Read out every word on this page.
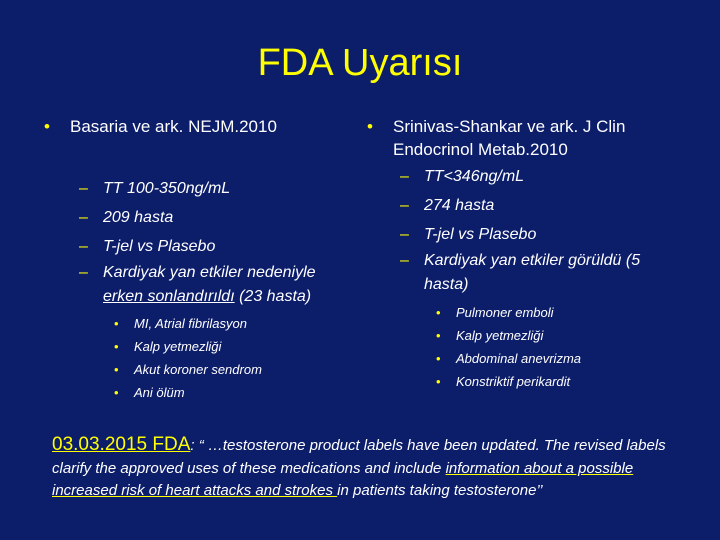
FDA Uyarısı
• Basaria ve ark. NEJM.2010
– TT 100-350ng/mL
– 209 hasta
– T-jel vs Plasebo
– Kardiyak yan etkiler nedeniyle
erken sonlandırıldı (23 hasta)
• MI, Atrial fibrilasyon
• Kalp yetmezliği
• Akut koroner sendrom
• Ani ölüm
• Srinivas-Shankar ve ark. J Clin
Endocrinol Metab.2010
– TT<346ng/mL
– 274 hasta
– T-jel vs Plasebo
– Kardiyak yan etkiler görüldü (5
hasta)
• Pulmoner emboli
• Kalp yetmezliği
• Abdominal anevrizma
• Konstriktif perikardit
03.03.2015 FDA: “ …testosterone product labels have been updated. The revised labels clarify the approved uses of these medications and include information about a possible increased risk of heart attacks and strokes in patients taking testosterone’’
